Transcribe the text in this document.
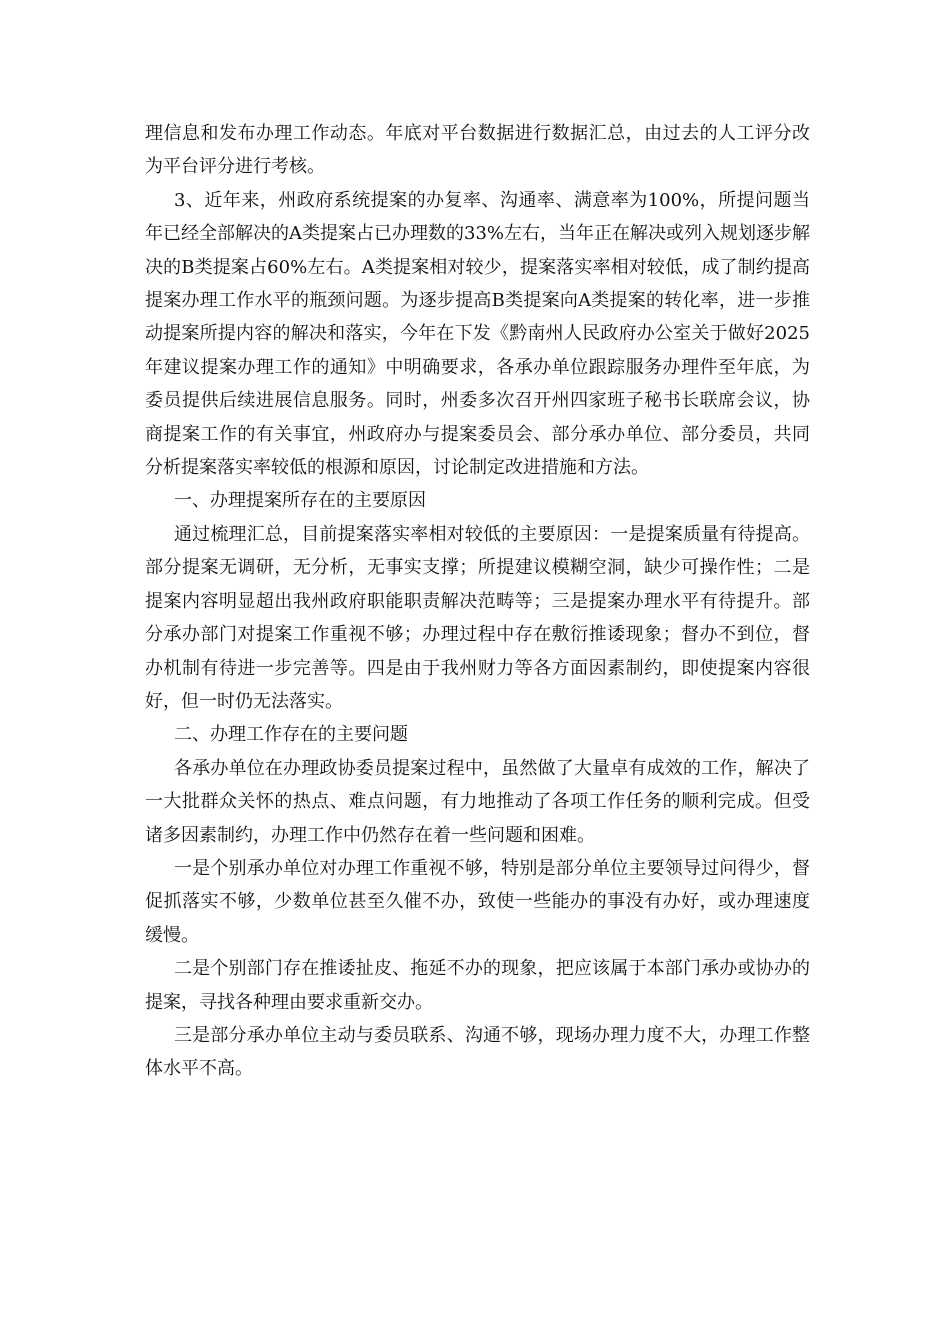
理信息和发布办理工作动态。年底对平台数据进行数据汇总，由过去的人工评分改为平台评分进行考核。

3、近年来，州政府系统提案的办复率、沟通率、满意率为100%，所提问题当年已经全部解决的A类提案占已办理数的33%左右，当年正在解决或列入规划逐步解决的B类提案占60%左右。A类提案相对较少，提案落实率相对较低，成了制约提高提案办理工作水平的瓶颈问题。为逐步提高B类提案向A类提案的转化率，进一步推动提案所提内容的解决和落实，今年在下发《黔南州人民政府办公室关于做好2025年建议提案办理工作的通知》中明确要求，各承办单位跟踪服务办理件至年底，为委员提供后续进展信息服务。同时，州委多次召开州四家班子秘书长联席会议，协商提案工作的有关事宜，州政府办与提案委员会、部分承办单位、部分委员，共同分析提案落实率较低的根源和原因，讨论制定改进措施和方法。

一、办理提案所存在的主要原因

通过梳理汇总，目前提案落实率相对较低的主要原因：一是提案质量有待提高。部分提案无调研，无分析，无事实支撑；所提建议模糊空洞，缺少可操作性；二是提案内容明显超出我州政府职能职责解决范畴等；三是提案办理水平有待提升。部分承办部门对提案工作重视不够；办理过程中存在敷衍推诿现象；督办不到位，督办机制有待进一步完善等。四是由于我州财力等各方面因素制约，即使提案内容很好，但一时仍无法落实。

二、办理工作存在的主要问题

各承办单位在办理政协委员提案过程中，虽然做了大量卓有成效的工作，解决了一大批群众关怀的热点、难点问题，有力地推动了各项工作任务的顺利完成。但受诸多因素制约，办理工作中仍然存在着一些问题和困难。

一是个别承办单位对办理工作重视不够，特别是部分单位主要领导过问得少，督促抓落实不够，少数单位甚至久催不办，致使一些能办的事没有办好，或办理速度缓慢。

二是个别部门存在推诿扯皮、拖延不办的现象，把应该属于本部门承办或协办的提案，寻找各种理由要求重新交办。

三是部分承办单位主动与委员联系、沟通不够，现场办理力度不大，办理工作整体水平不高。
